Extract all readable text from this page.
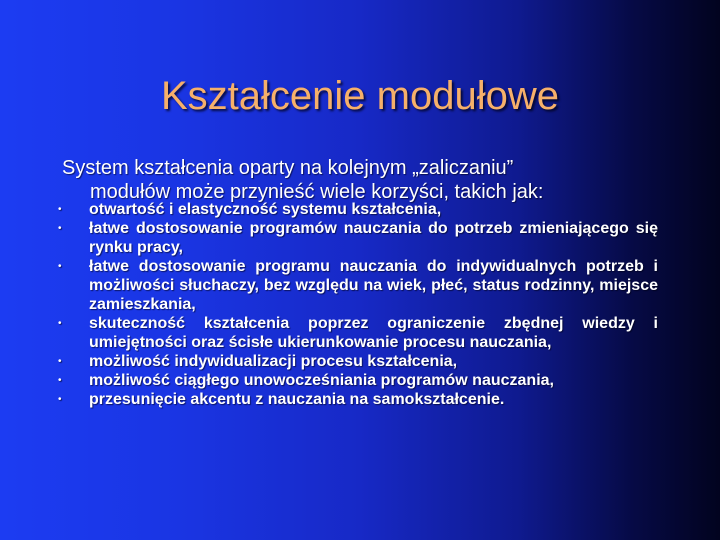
Kształcenie modułowe
System kształcenia oparty na kolejnym „zaliczaniu”
modułów może przynieść wiele korzyści, takich jak:
•	otwartość i elastyczność systemu kształcenia,
•	łatwe dostosowanie programów nauczania do potrzeb zmieniającego się rynku pracy,
•	łatwe dostosowanie programu nauczania do indywidualnych potrzeb i możliwości słuchaczy, bez względu na wiek, płeć, status rodzinny, miejsce zamieszkania,
•	skuteczność kształcenia poprzez ograniczenie zbędnej wiedzy i umiejętności oraz ścisłe ukierunkowanie procesu nauczania,
•	możliwość indywidualizacji procesu kształcenia,
•	możliwość ciągłego unowocześniania programów nauczania,
•	przesunięcie akcentu z nauczania na samokształcenie.
